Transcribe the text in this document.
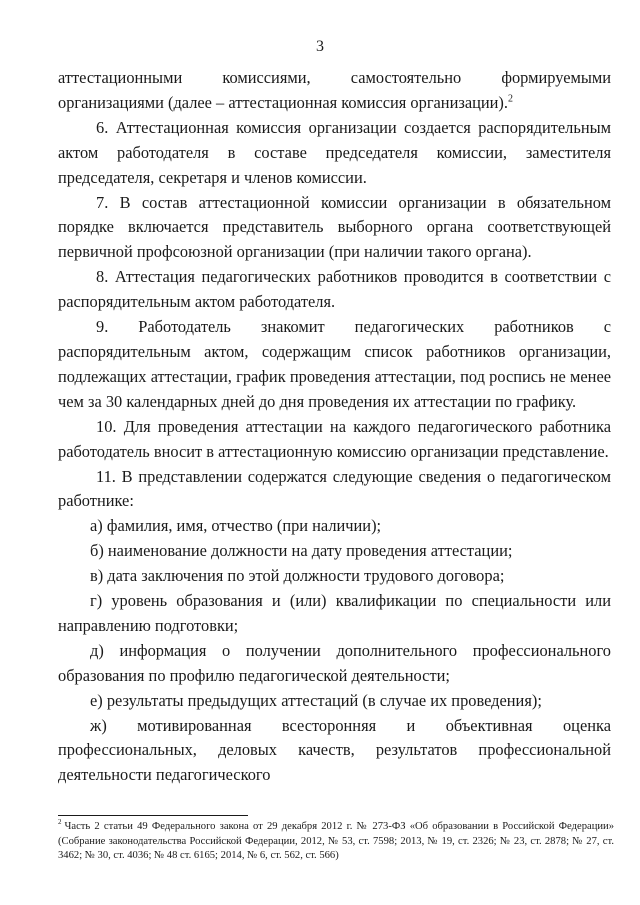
3

аттестационными комиссиями, самостоятельно формируемыми организациями (далее – аттестационная комиссия организации).$^2$

6. Аттестационная комиссия организации создается распорядительным актом работодателя в составе председателя комиссии, заместителя председателя, секретаря и членов комиссии.

7. В состав аттестационной комиссии организации в обязательном порядке включается представитель выборного органа соответствующей первичной профсоюзной организации (при наличии такого органа).

8. Аттестация педагогических работников проводится в соответствии с распорядительным актом работодателя.

9. Работодатель знакомит педагогических работников с распорядительным актом, содержащим список работников организации, подлежащих аттестации, график проведения аттестации, под роспись не менее чем за 30 календарных дней до дня проведения их аттестации по графику.

10. Для проведения аттестации на каждого педагогического работника работодатель вносит в аттестационную комиссию организации представление.

11. В представлении содержатся следующие сведения о педагогическом работнике:

а) фамилия, имя, отчество (при наличии);

б) наименование должности на дату проведения аттестации;

в) дата заключения по этой должности трудового договора;

г) уровень образования и (или) квалификации по специальности или направлению подготовки;

д) информация о получении дополнительного профессионального образования по профилю педагогической деятельности;

е) результаты предыдущих аттестаций (в случае их проведения);

ж) мотивированная всесторонняя и объективная оценка профессиональных, деловых качеств, результатов профессиональной деятельности педагогического

$^2$ Часть 2 статьи 49 Федерального закона от 29 декабря 2012 г. № 273-ФЗ «Об образовании в Российской Федерации» (Собрание законодательства Российской Федерации, 2012, № 53, ст. 7598; 2013, № 19, ст. 2326; № 23, ст. 2878; № 27, ст. 3462; № 30, ст. 4036; № 48 ст. 6165; 2014, № 6, ст. 562, ст. 566)
